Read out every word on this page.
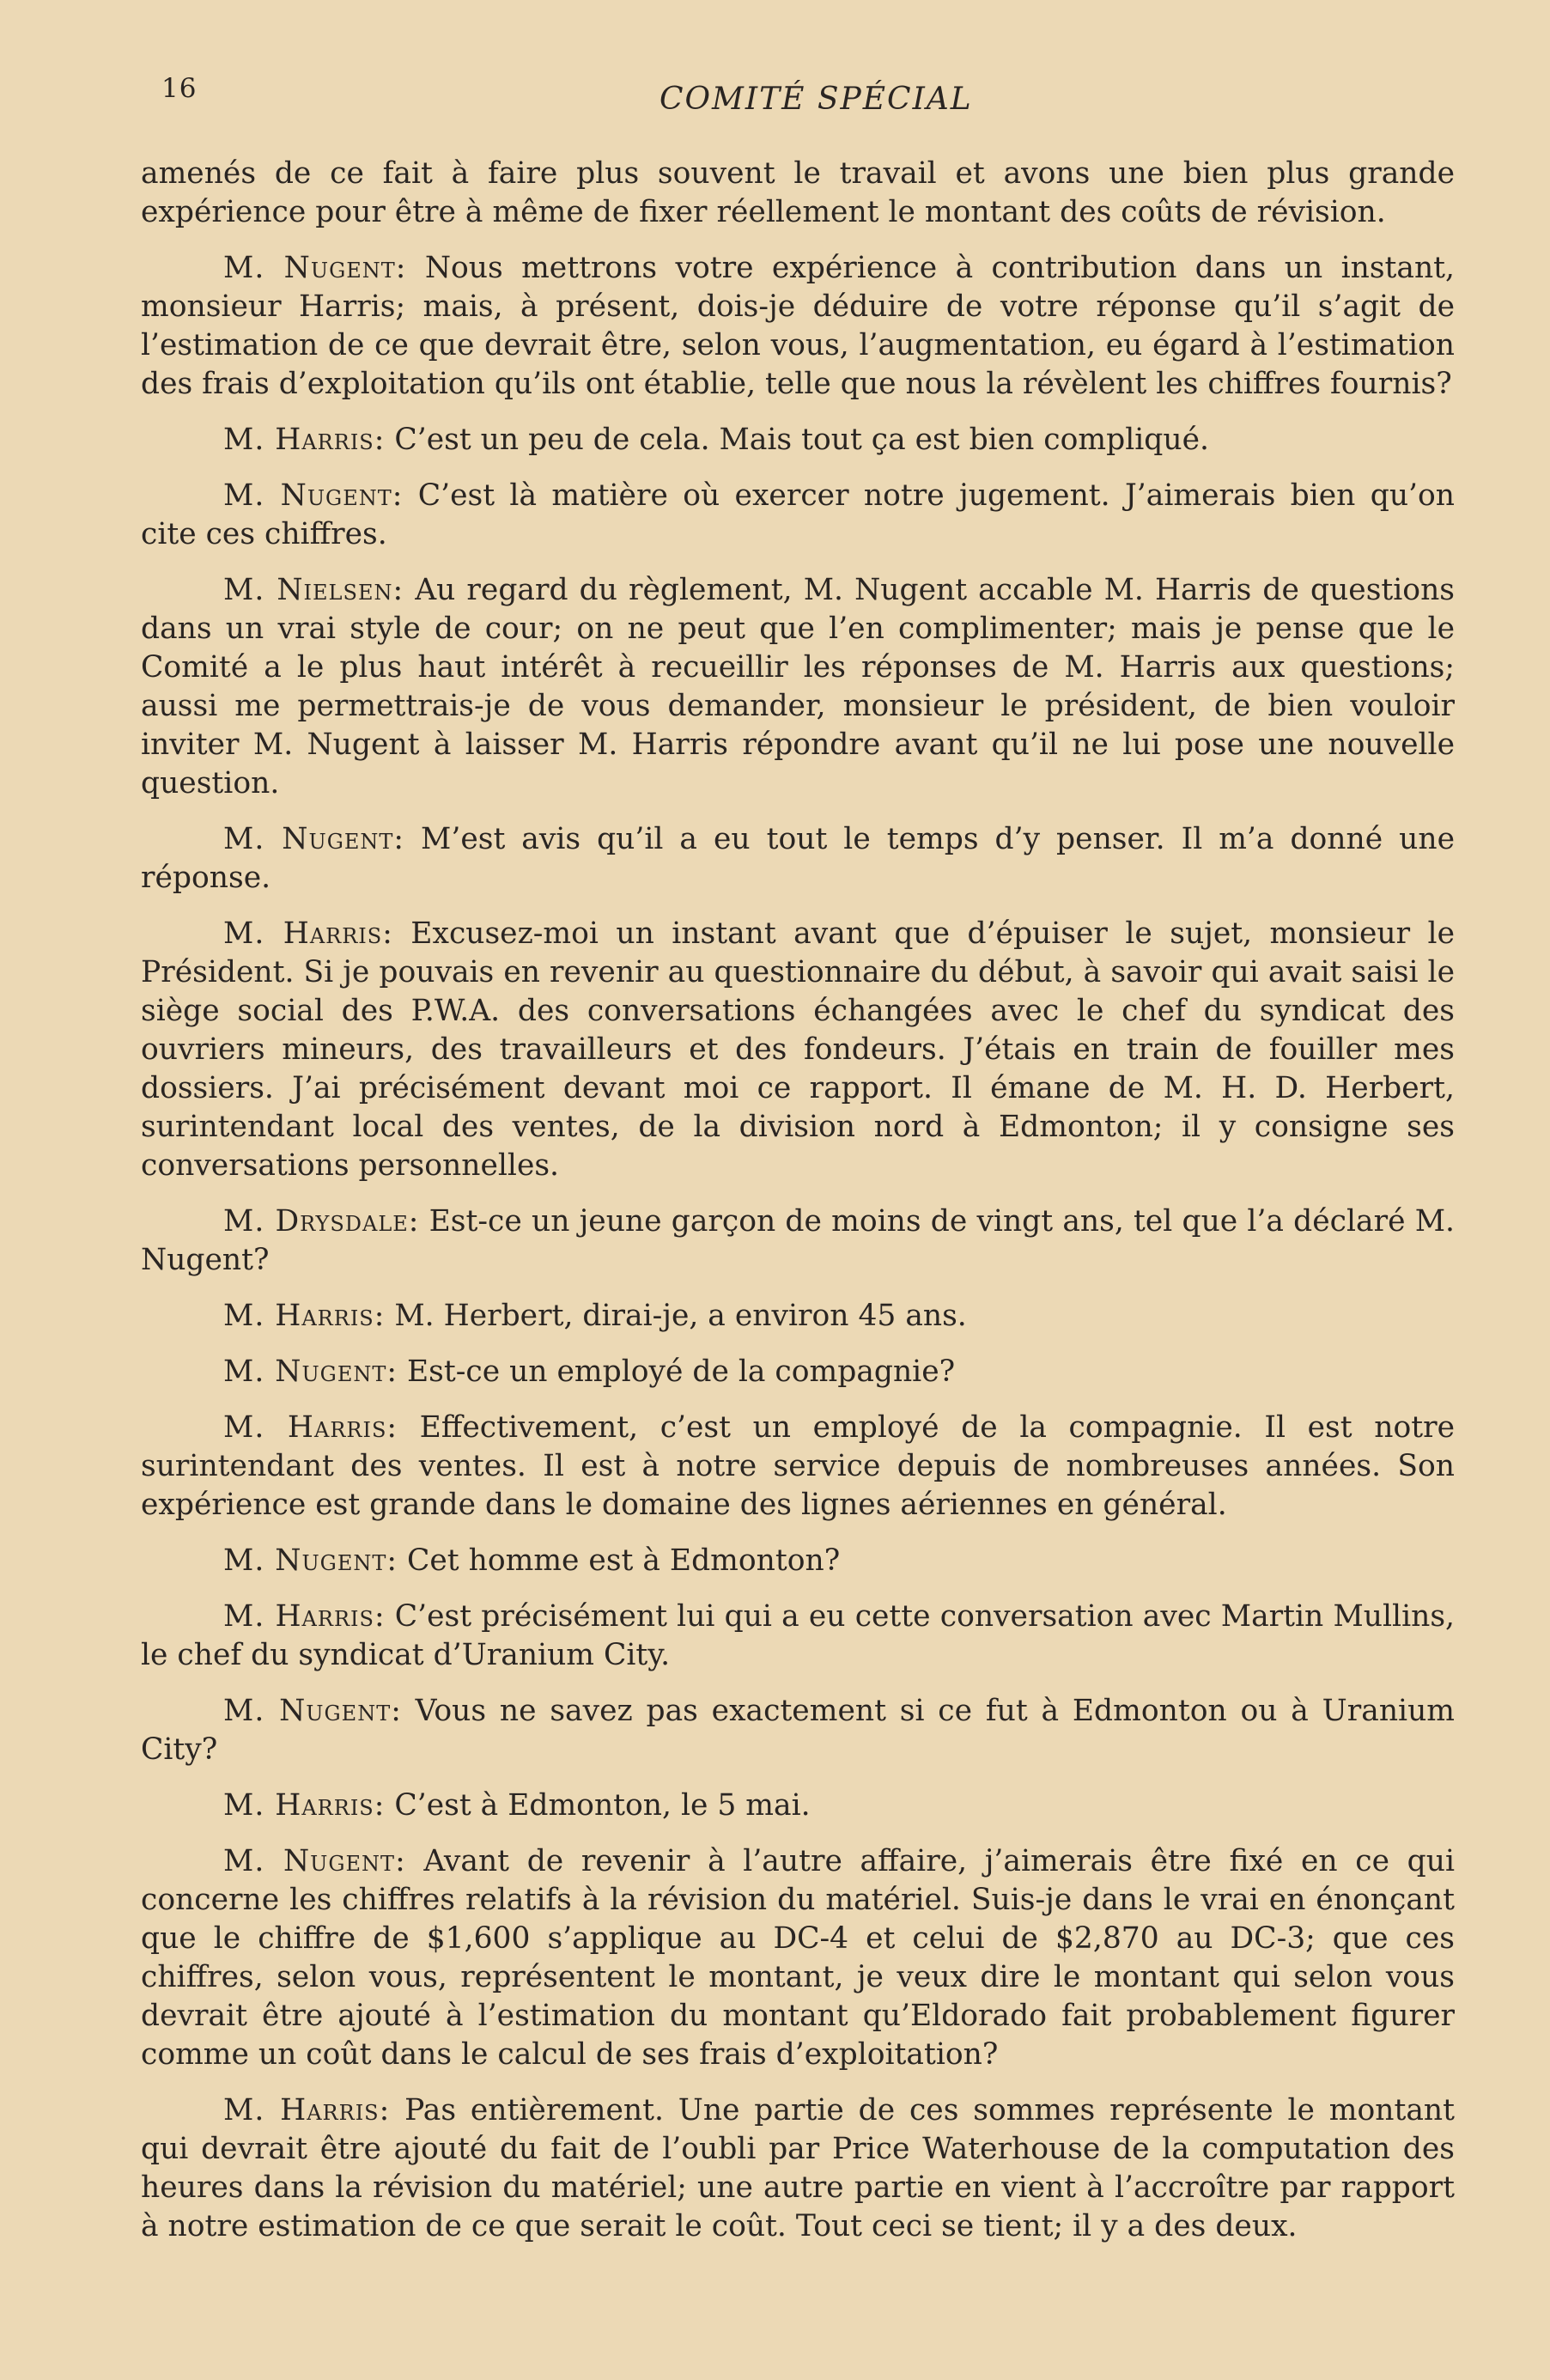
16	COMITÉ SPÉCIAL

amenés de ce fait à faire plus souvent le travail et avons une bien plus grande expérience pour être à même de fixer réellement le montant des coûts de révision.

M. Nugent: Nous mettrons votre expérience à contribution dans un instant, monsieur Harris; mais, à présent, dois-je déduire de votre réponse qu’il s’agit de l’estimation de ce que devrait être, selon vous, l’augmentation, eu égard à l’estimation des frais d’exploitation qu’ils ont établie, telle que nous la révèlent les chiffres fournis?

M. Harris: C’est un peu de cela. Mais tout ça est bien compliqué.

M. Nugent: C’est là matière où exercer notre jugement. J’aimerais bien qu’on cite ces chiffres.

M. Nielsen: Au regard du règlement, M. Nugent accable M. Harris de questions dans un vrai style de cour; on ne peut que l’en complimenter; mais je pense que le Comité a le plus haut intérêt à recueillir les réponses de M. Harris aux questions; aussi me permettrais-je de vous demander, monsieur le président, de bien vouloir inviter M. Nugent à laisser M. Harris répondre avant qu’il ne lui pose une nouvelle question.

M. Nugent: M’est avis qu’il a eu tout le temps d’y penser. Il m’a donné une réponse.

M. Harris: Excusez-moi un instant avant que d’épuiser le sujet, monsieur le Président. Si je pouvais en revenir au questionnaire du début, à savoir qui avait saisi le siège social des P.W.A. des conversations échangées avec le chef du syndicat des ouvriers mineurs, des travailleurs et des fondeurs. J’étais en train de fouiller mes dossiers. J’ai précisément devant moi ce rapport. Il émane de M. H. D. Herbert, surintendant local des ventes, de la division nord à Edmonton; il y consigne ses conversations personnelles.

M. Drysdale: Est-ce un jeune garçon de moins de vingt ans, tel que l’a déclaré M. Nugent?

M. Harris: M. Herbert, dirai-je, a environ 45 ans.

M. Nugent: Est-ce un employé de la compagnie?

M. Harris: Effectivement, c’est un employé de la compagnie. Il est notre surintendant des ventes. Il est à notre service depuis de nombreuses années. Son expérience est grande dans le domaine des lignes aériennes en général.

M. Nugent: Cet homme est à Edmonton?

M. Harris: C’est précisément lui qui a eu cette conversation avec Martin Mullins, le chef du syndicat d’Uranium City.

M. Nugent: Vous ne savez pas exactement si ce fut à Edmonton ou à Uranium City?

M. Harris: C’est à Edmonton, le 5 mai.

M. Nugent: Avant de revenir à l’autre affaire, j’aimerais être fixé en ce qui concerne les chiffres relatifs à la révision du matériel. Suis-je dans le vrai en énonçant que le chiffre de $1,600 s’applique au DC-4 et celui de $2,870 au DC-3; que ces chiffres, selon vous, représentent le montant, je veux dire le montant qui selon vous devrait être ajouté à l’estimation du montant qu’Eldorado fait probablement figurer comme un coût dans le calcul de ses frais d’exploitation?

M. Harris: Pas entièrement. Une partie de ces sommes représente le montant qui devrait être ajouté du fait de l’oubli par Price Waterhouse de la computation des heures dans la révision du matériel; une autre partie en vient à l’accroître par rapport à notre estimation de ce que serait le coût. Tout ceci se tient; il y a des deux.
